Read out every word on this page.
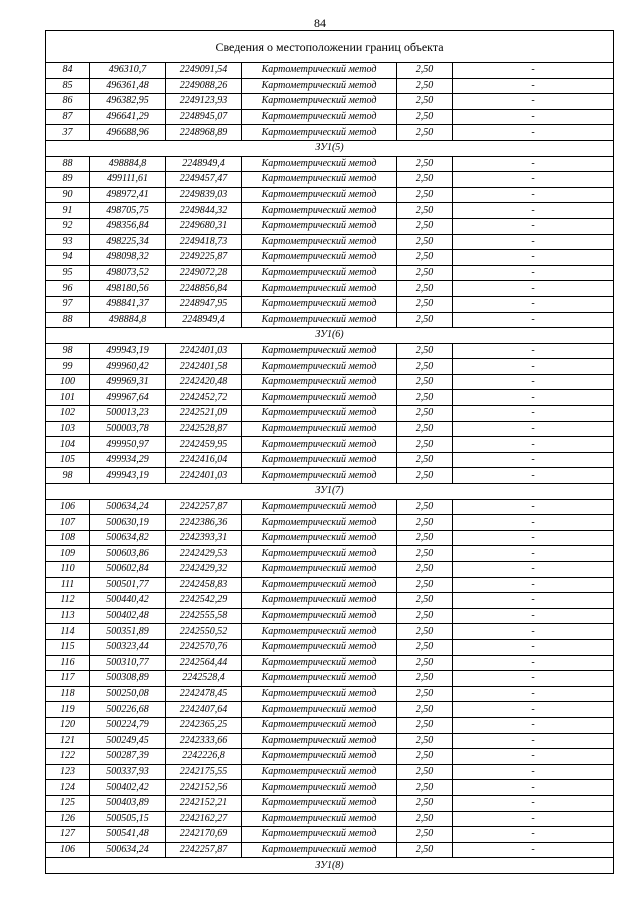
84
Сведения о местоположении границ объекта					
84	496310,7	2249091,54	Картометрический метод	2,50	-
85	496361,48	2249088,26	Картометрический метод	2,50	-
86	496382,95	2249123,93	Картометрический метод	2,50	-
87	496641,29	2248945,07	Картометрический метод	2,50	-
37	496688,96	2248968,89	Картометрический метод	2,50	-
ЗУ1(5)					
88	498884,8	2248949,4	Картометрический метод	2,50	-
89	499111,61	2249457,47	Картометрический метод	2,50	-
90	498972,41	2249839,03	Картометрический метод	2,50	-
91	498705,75	2249844,32	Картометрический метод	2,50	-
92	498356,84	2249680,31	Картометрический метод	2,50	-
93	498225,34	2249418,73	Картометрический метод	2,50	-
94	498098,32	2249225,87	Картометрический метод	2,50	-
95	498073,52	2249072,28	Картометрический метод	2,50	-
96	498180,56	2248856,84	Картометрический метод	2,50	-
97	498841,37	2248947,95	Картометрический метод	2,50	-
88	498884,8	2248949,4	Картометрический метод	2,50	-
ЗУ1(6)					
98	499943,19	2242401,03	Картометрический метод	2,50	-
99	499960,42	2242401,58	Картометрический метод	2,50	-
100	499969,31	2242420,48	Картометрический метод	2,50	-
101	499967,64	2242452,72	Картометрический метод	2,50	-
102	500013,23	2242521,09	Картометрический метод	2,50	-
103	500003,78	2242528,87	Картометрический метод	2,50	-
104	499950,97	2242459,95	Картометрический метод	2,50	-
105	499934,29	2242416,04	Картометрический метод	2,50	-
98	499943,19	2242401,03	Картометрический метод	2,50	-
ЗУ1(7)					
106	500634,24	2242257,87	Картометрический метод	2,50	-
107	500630,19	2242386,36	Картометрический метод	2,50	-
108	500634,82	2242393,31	Картометрический метод	2,50	-
109	500603,86	2242429,53	Картометрический метод	2,50	-
110	500602,84	2242429,32	Картометрический метод	2,50	-
111	500501,77	2242458,83	Картометрический метод	2,50	-
112	500440,42	2242542,29	Картометрический метод	2,50	-
113	500402,48	2242555,58	Картометрический метод	2,50	-
114	500351,89	2242550,52	Картометрический метод	2,50	-
115	500323,44	2242570,76	Картометрический метод	2,50	-
116	500310,77	2242564,44	Картометрический метод	2,50	-
117	500308,89	2242528,4	Картометрический метод	2,50	-
118	500250,08	2242478,45	Картометрический метод	2,50	-
119	500226,68	2242407,64	Картометрический метод	2,50	-
120	500224,79	2242365,25	Картометрический метод	2,50	-
121	500249,45	2242333,66	Картометрический метод	2,50	-
122	500287,39	2242226,8	Картометрический метод	2,50	-
123	500337,93	2242175,55	Картометрический метод	2,50	-
124	500402,42	2242152,56	Картометрический метод	2,50	-
125	500403,89	2242152,21	Картометрический метод	2,50	-
126	500505,15	2242162,27	Картометрический метод	2,50	-
127	500541,48	2242170,69	Картометрический метод	2,50	-
106	500634,24	2242257,87	Картометрический метод	2,50	-
ЗУ1(8)					
